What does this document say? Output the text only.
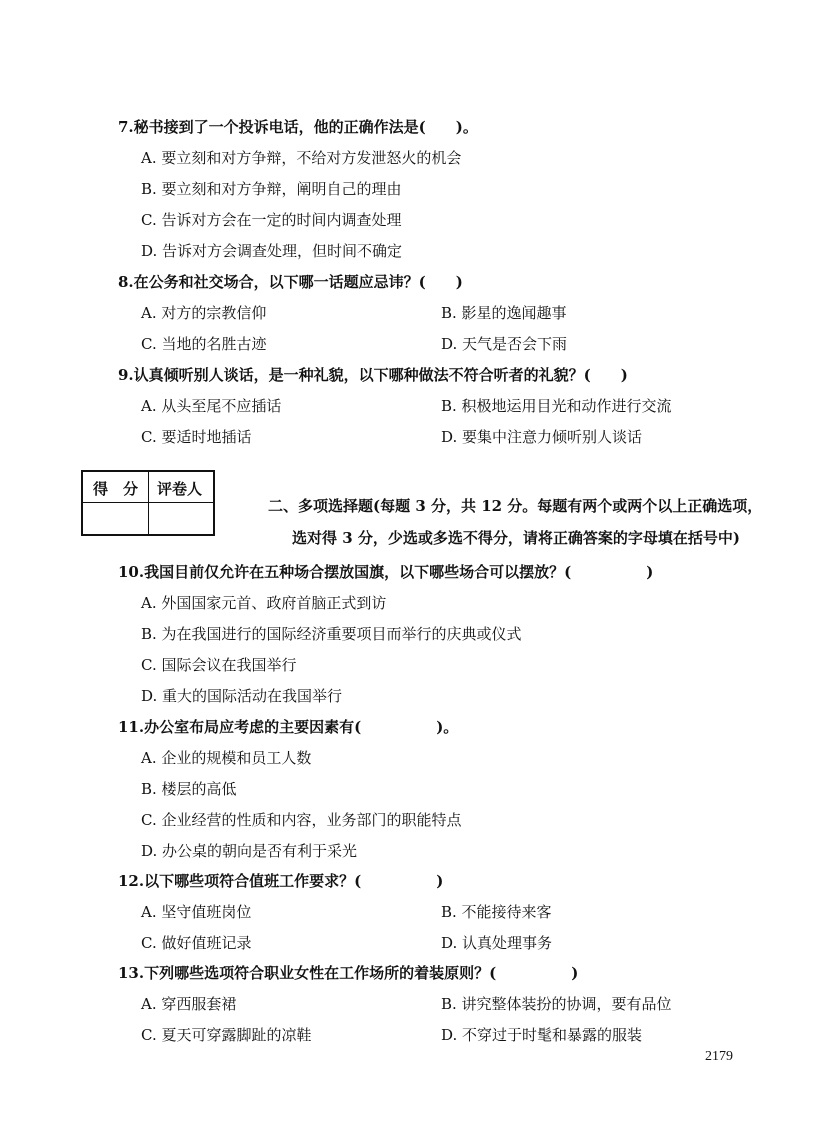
7.秘书接到了一个投诉电话，他的正确作法是(　　)。
A. 要立刻和对方争辩，不给对方发泄怒火的机会
B. 要立刻和对方争辩，阐明自己的理由
C. 告诉对方会在一定的时间内调查处理
D. 告诉对方会调查处理，但时间不确定
8.在公务和社交场合，以下哪一话题应忌讳？(　　)
A. 对方的宗教信仰	B. 影星的逸闻趣事
C. 当地的名胜古迹	D. 天气是否会下雨
9.认真倾听别人谈话，是一种礼貌，以下哪种做法不符合听者的礼貌？(　　)
A. 从头至尾不应插话	B. 积极地运用目光和动作进行交流
C. 要适时地插话	D. 要集中注意力倾听别人谈话
得　分 评卷人
二、多项选择题(每题 3 分，共 12 分。每题有两个或两个以上正确选项，
选对得 3 分，少选或多选不得分，请将正确答案的字母填在括号中)
10.我国目前仅允许在五种场合摆放国旗，以下哪些场合可以摆放？(　　　　　)
A. 外国国家元首、政府首脑正式到访
B. 为在我国进行的国际经济重要项目而举行的庆典或仪式
C. 国际会议在我国举行
D. 重大的国际活动在我国举行
11.办公室布局应考虑的主要因素有(　　　　　)。
A. 企业的规模和员工人数
B. 楼层的高低
C. 企业经营的性质和内容，业务部门的职能特点
D. 办公桌的朝向是否有利于采光
12.以下哪些项符合值班工作要求？(　　　　　)
A. 坚守值班岗位	B. 不能接待来客
C. 做好值班记录	D. 认真处理事务
13.下列哪些选项符合职业女性在工作场所的着装原则？(　　　　　)
A. 穿西服套裙	B. 讲究整体装扮的协调，要有品位
C. 夏天可穿露脚趾的凉鞋	D. 不穿过于时髦和暴露的服装
2179
